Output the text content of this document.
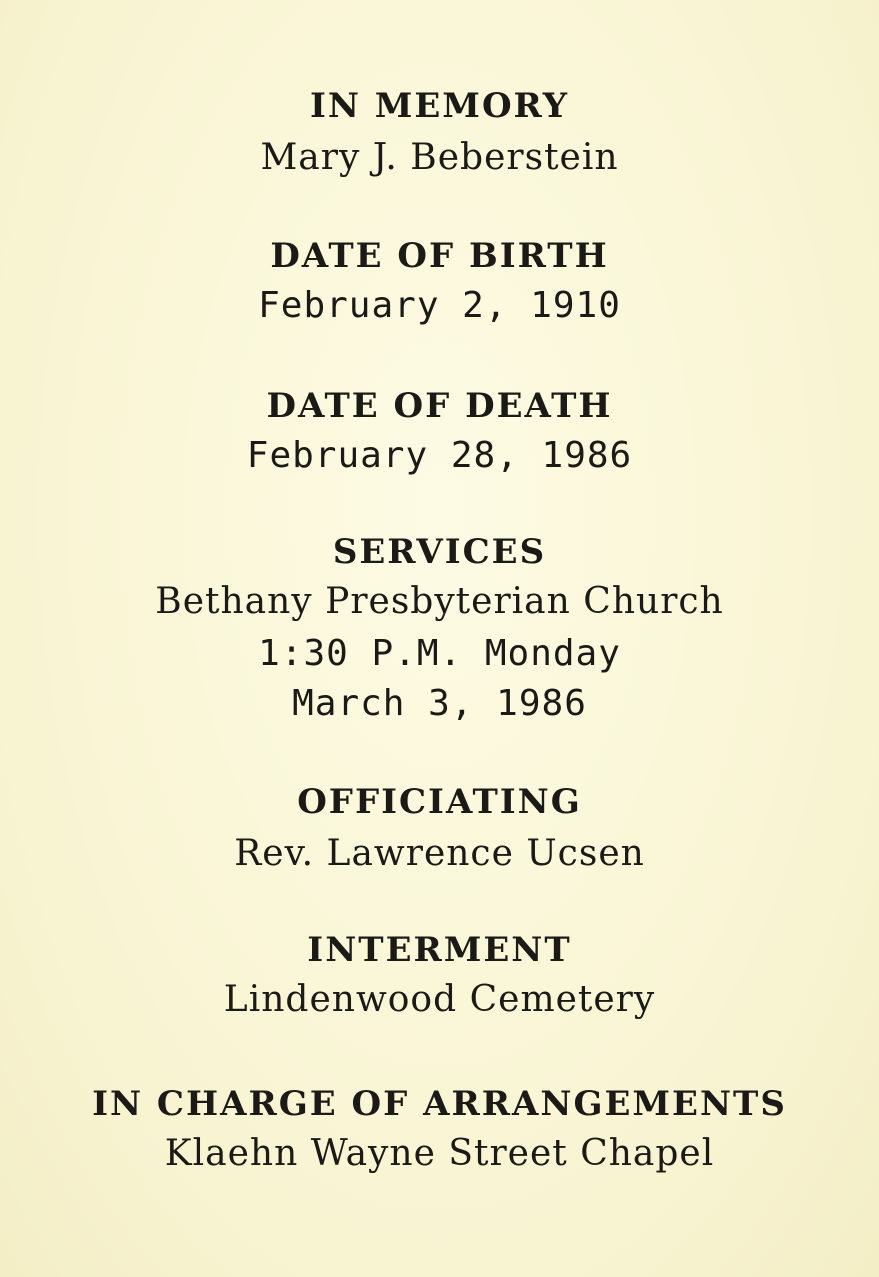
IN MEMORY
Mary J. Beberstein
DATE OF BIRTH
February 2, 1910
DATE OF DEATH
February 28, 1986
SERVICES
Bethany Presbyterian Church
1:30 P.M. Monday
March 3, 1986
OFFICIATING
Rev. Lawrence Ucsen
INTERMENT
Lindenwood Cemetery
IN CHARGE OF ARRANGEMENTS
Klaehn Wayne Street Chapel
